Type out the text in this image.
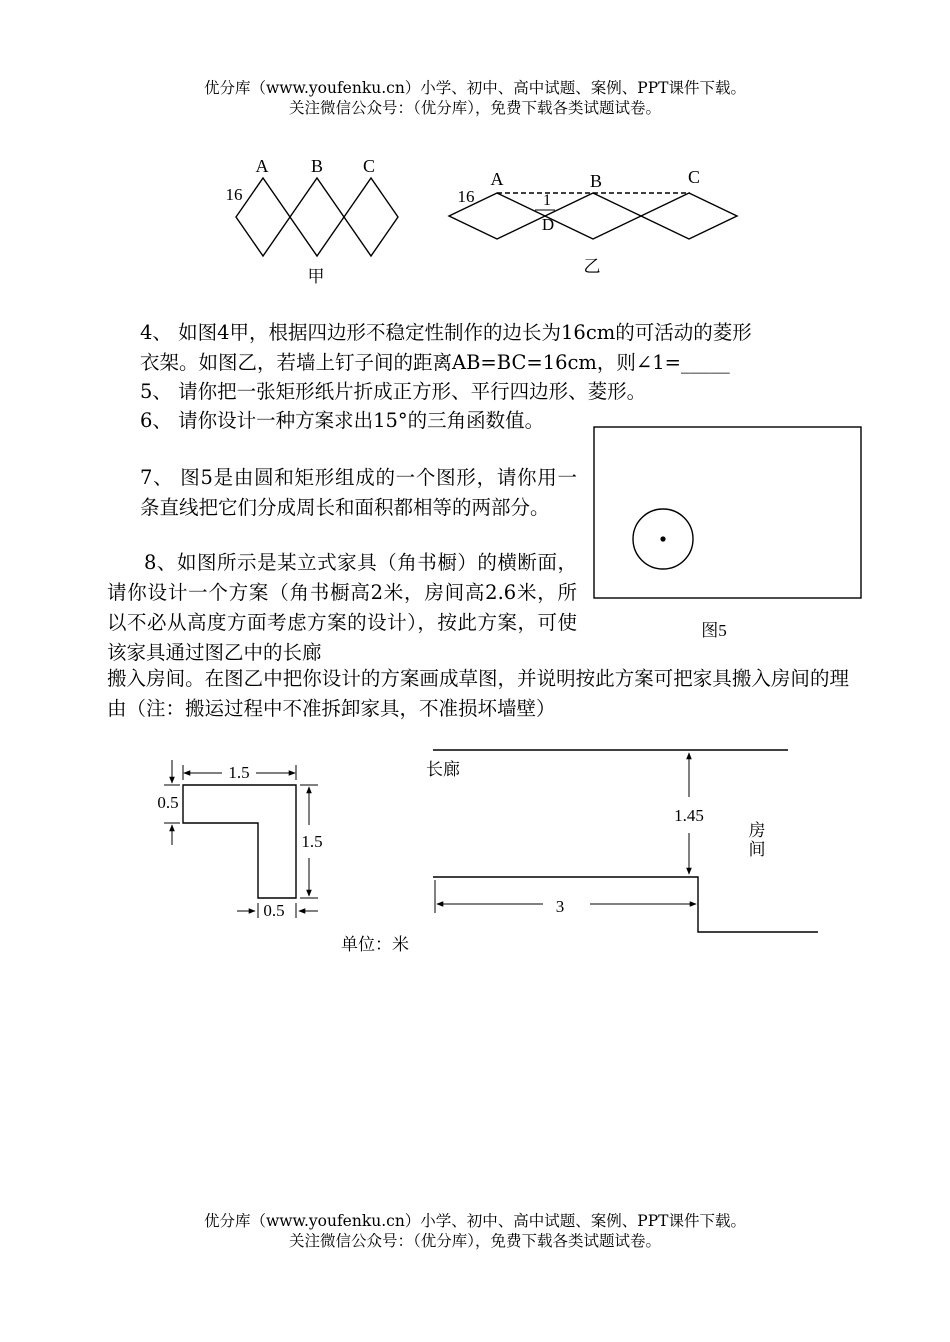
优分库（www.youfenku.cn）小学、初中、高中试题、案例、PPT课件下载。
关注微信公众号：（优分库），免费下载各类试题试卷。
A B C
16
甲
A	B	C
D
1
16
乙
4、 如图4甲，根据四边形不稳定性制作的边长为16cm的可活动的菱形
衣架。如图乙，若墙上钉子间的距离AB=BC=16cm，则∠1=_____
5、 请你把一张矩形纸片折成正方形、平行四边形、菱形。
6、 请你设计一种方案求出15°的三角函数值。
7、 图5是由圆和矩形组成的一个图形，请你用一条直线把它们分成周长和面积都相等的两部分。
8、如图所示是某立式家具（角书橱）的横断面，请你设计一个方案（角书橱高2米，房间高2.6米，所以不必从高度方面考虑方案的设计），按此方案，可使该家具通过图乙中的长廊
搬入房间。在图乙中把你设计的方案画成草图，并说明按此方案可把家具搬入房间的理由（注：搬运过程中不准拆卸家具，不准损坏墙壁）
图5
1.5
0.5
1.5
0.5
单位：米
长廊
1.45
房
间
3
优分库（www.youfenku.cn）小学、初中、高中试题、案例、PPT课件下载。
关注微信公众号：（优分库），免费下载各类试题试卷。
